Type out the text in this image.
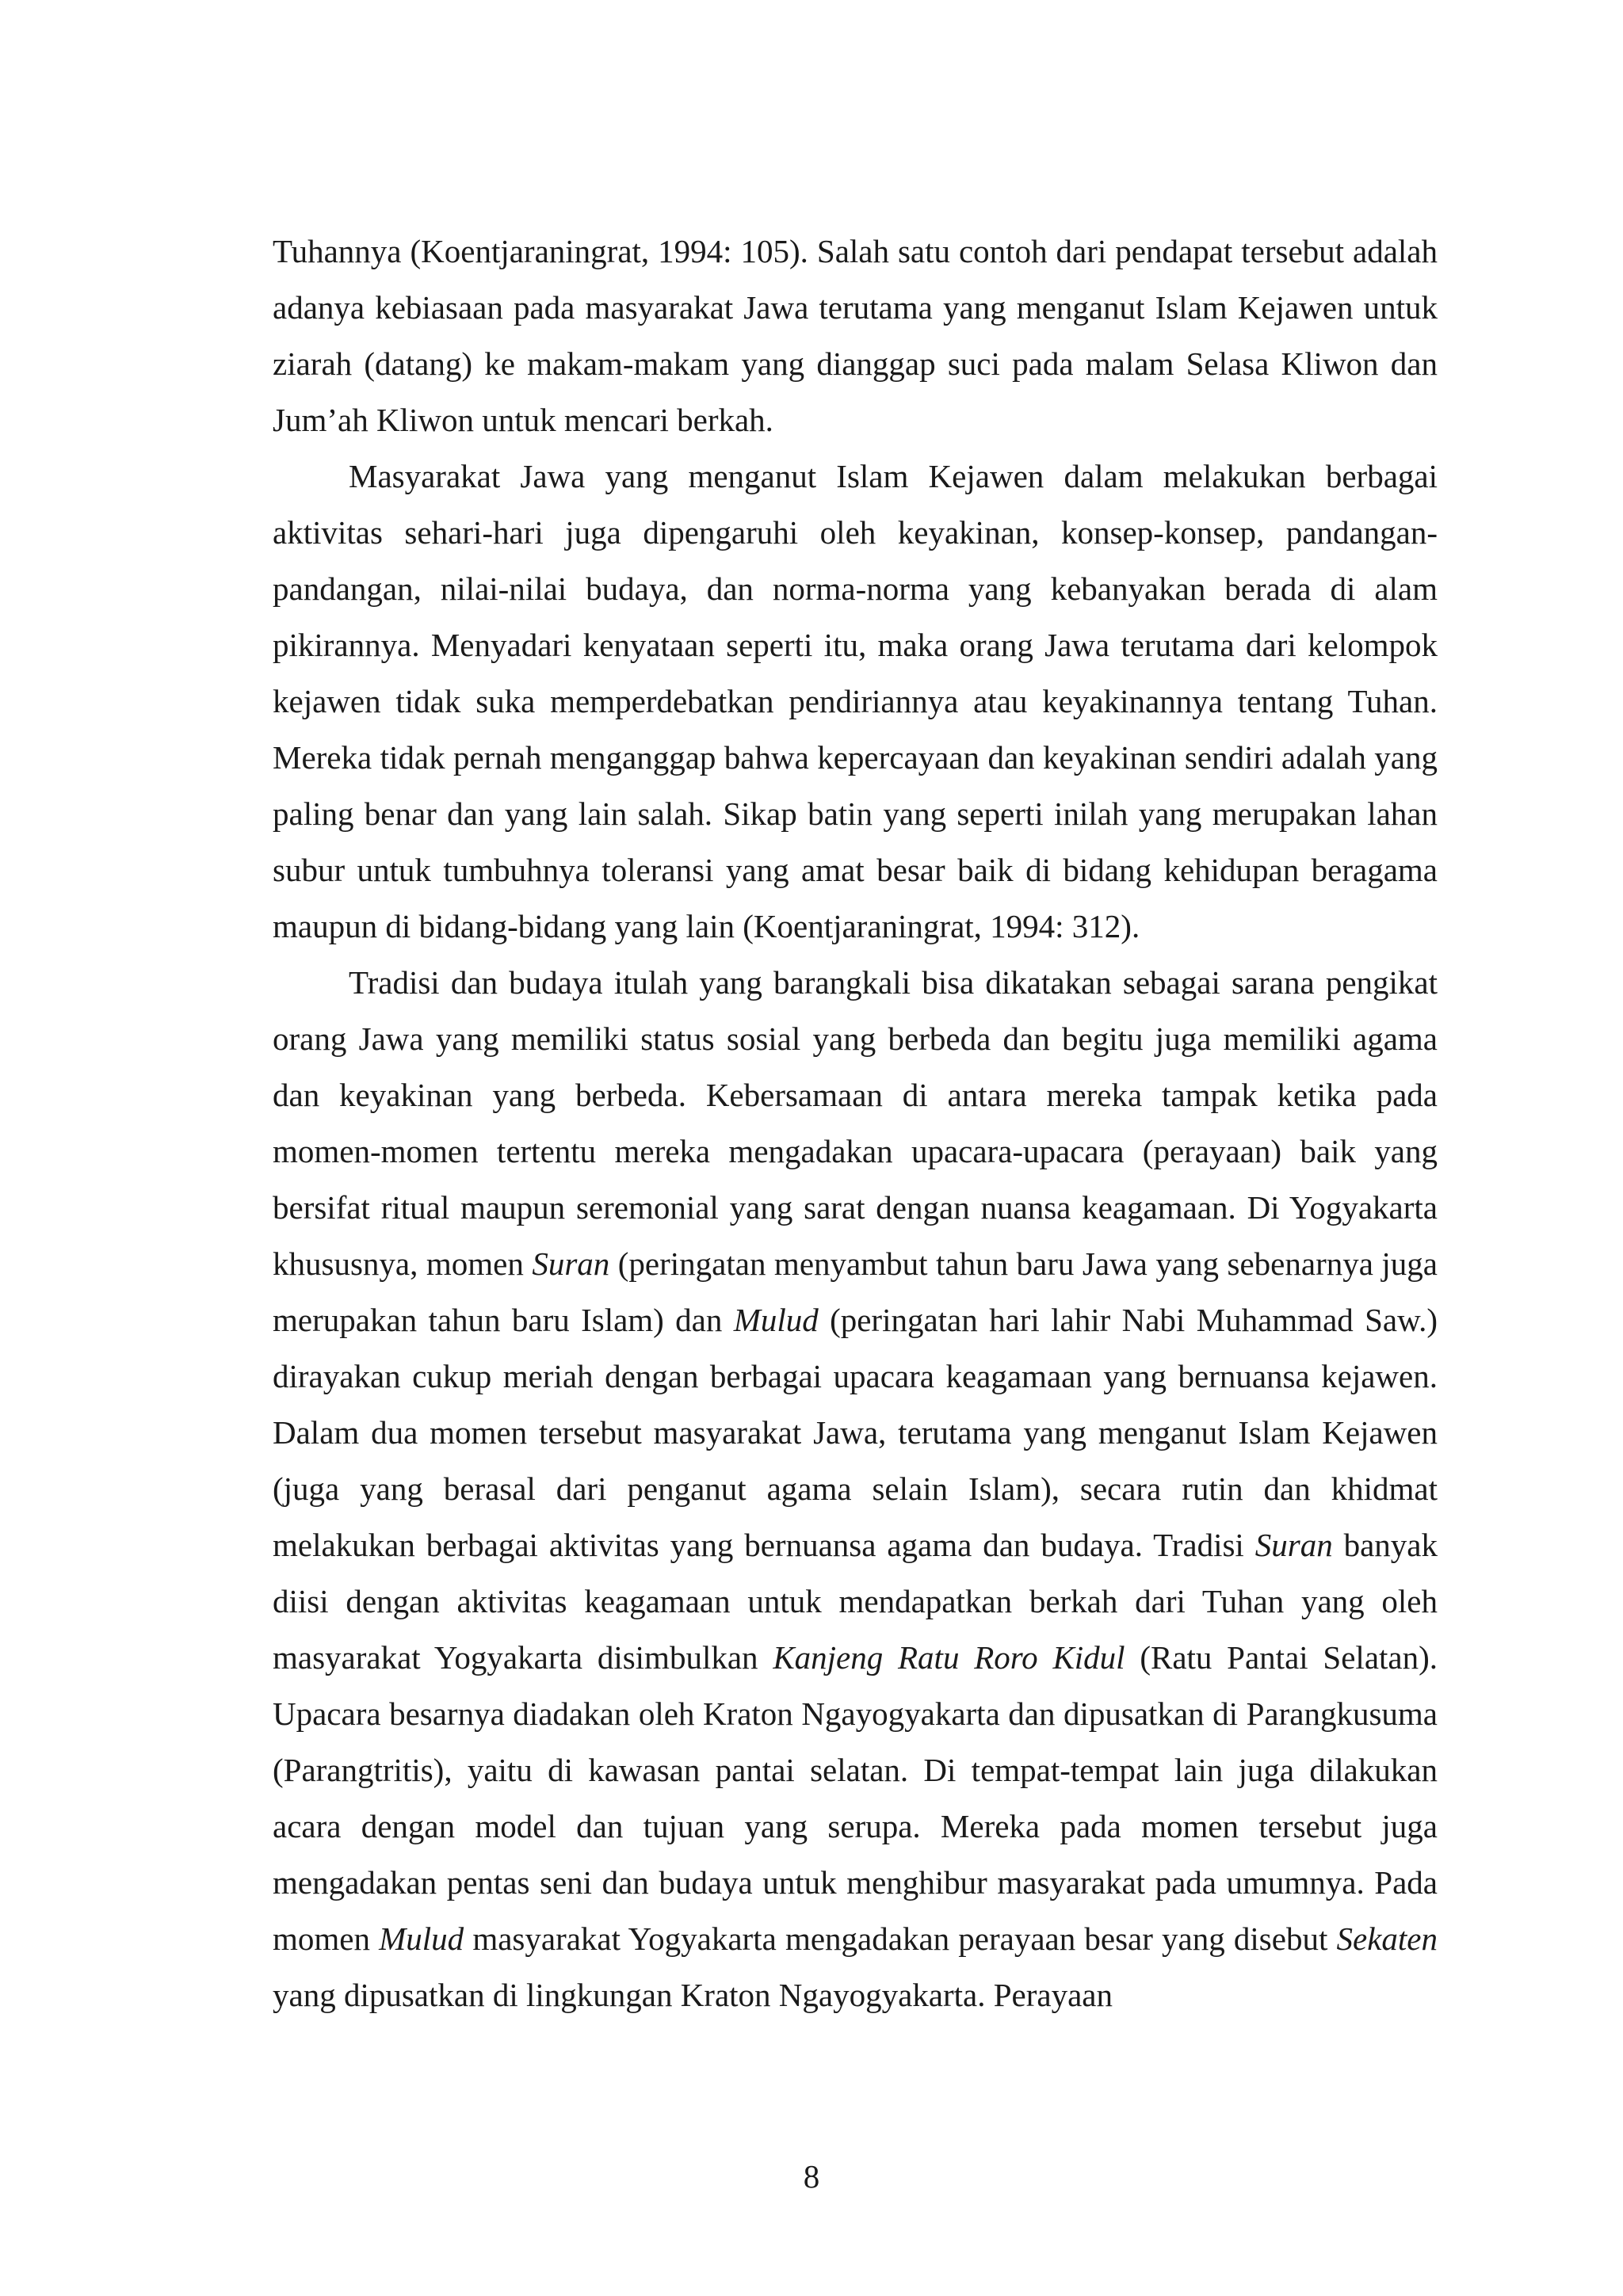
Tuhannya (Koentjaraningrat, 1994: 105). Salah satu contoh dari pendapat tersebut adalah adanya kebiasaan pada masyarakat Jawa terutama yang menganut Islam Kejawen untuk ziarah (datang) ke makam-makam yang dianggap suci pada malam Selasa Kliwon dan Jum’ah Kliwon untuk mencari berkah.

Masyarakat Jawa yang menganut Islam Kejawen dalam melakukan berbagai aktivitas sehari-hari juga dipengaruhi oleh keyakinan, konsep-konsep, pandangan-pandangan, nilai-nilai budaya, dan norma-norma yang kebanyakan berada di alam pikirannya. Menyadari kenyataan seperti itu, maka orang Jawa terutama dari kelompok kejawen tidak suka memperdebatkan pendiriannya atau keyakinannya tentang Tuhan. Mereka tidak pernah menganggap bahwa kepercayaan dan keyakinan sendiri adalah yang paling benar dan yang lain salah. Sikap batin yang seperti inilah yang merupakan lahan subur untuk tumbuhnya toleransi yang amat besar baik di bidang kehidupan beragama maupun di bidang-bidang yang lain (Koentjaraningrat, 1994: 312).

Tradisi dan budaya itulah yang barangkali bisa dikatakan sebagai sarana pengikat orang Jawa yang memiliki status sosial yang berbeda dan begitu juga memiliki agama dan keyakinan yang berbeda. Kebersamaan di antara mereka tampak ketika pada momen-momen tertentu mereka mengadakan upacara-upacara (perayaan) baik yang bersifat ritual maupun seremonial yang sarat dengan nuansa keagamaan. Di Yogyakarta khususnya, momen Suran (peringatan menyambut tahun baru Jawa yang sebenarnya juga merupakan tahun baru Islam) dan Mulud (peringatan hari lahir Nabi Muhammad Saw.) dirayakan cukup meriah dengan berbagai upacara keagamaan yang bernuansa kejawen. Dalam dua momen tersebut masyarakat Jawa, terutama yang menganut Islam Kejawen (juga yang berasal dari penganut agama selain Islam), secara rutin dan khidmat melakukan berbagai aktivitas yang bernuansa agama dan budaya. Tradisi Suran banyak diisi dengan aktivitas keagamaan untuk mendapatkan berkah dari Tuhan yang oleh masyarakat Yogyakarta disimbulkan Kanjeng Ratu Roro Kidul (Ratu Pantai Selatan). Upacara besarnya diadakan oleh Kraton Ngayogyakarta dan dipusatkan di Parangkusuma (Parangtritis), yaitu di kawasan pantai selatan. Di tempat-tempat lain juga dilakukan acara dengan model dan tujuan yang serupa. Mereka pada momen tersebut juga mengadakan pentas seni dan budaya untuk menghibur masyarakat pada umumnya. Pada momen Mulud masyarakat Yogyakarta mengadakan perayaan besar yang disebut Sekaten yang dipusatkan di lingkungan Kraton Ngayogyakarta. Perayaan

8
